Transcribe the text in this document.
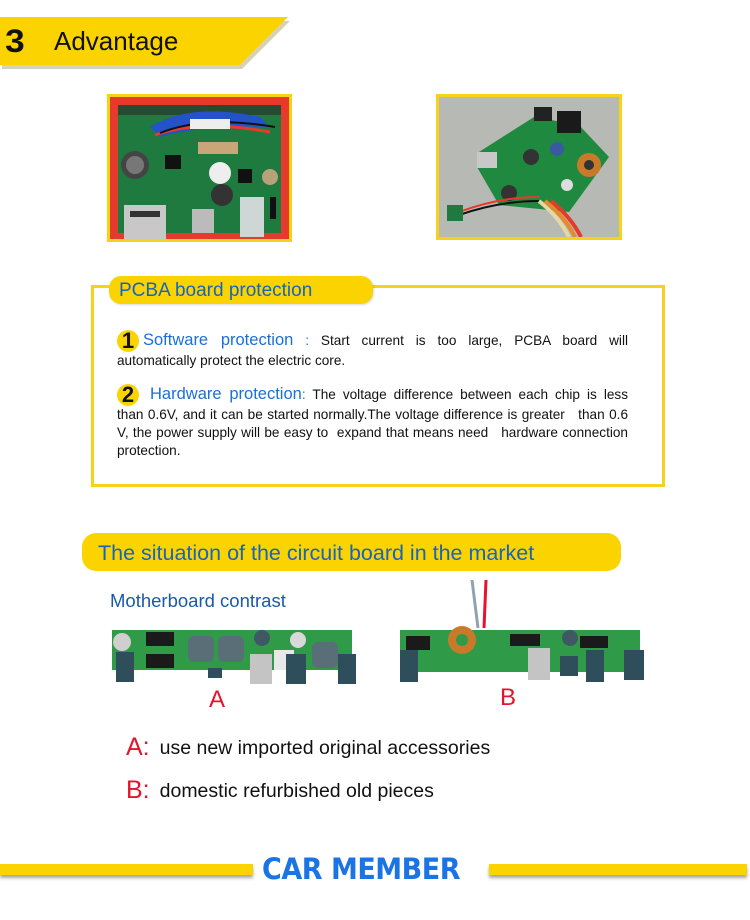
3 Advantage
PCBA board protection
1 Software protection : Start current is too large, PCBA board will automatically protect the electric core.
2 Hardware protection: The voltage difference between each chip is less   than 0.6V, and it can be started normally.The voltage difference is greater   than 0.6 V, the power supply will be easy to  expand that means need   hardware connection protection.
The situation of the circuit board in the market
Motherboard contrast
A	B
A: use new imported original accessories
B: domestic refurbished old pieces
CAR MEMBER
